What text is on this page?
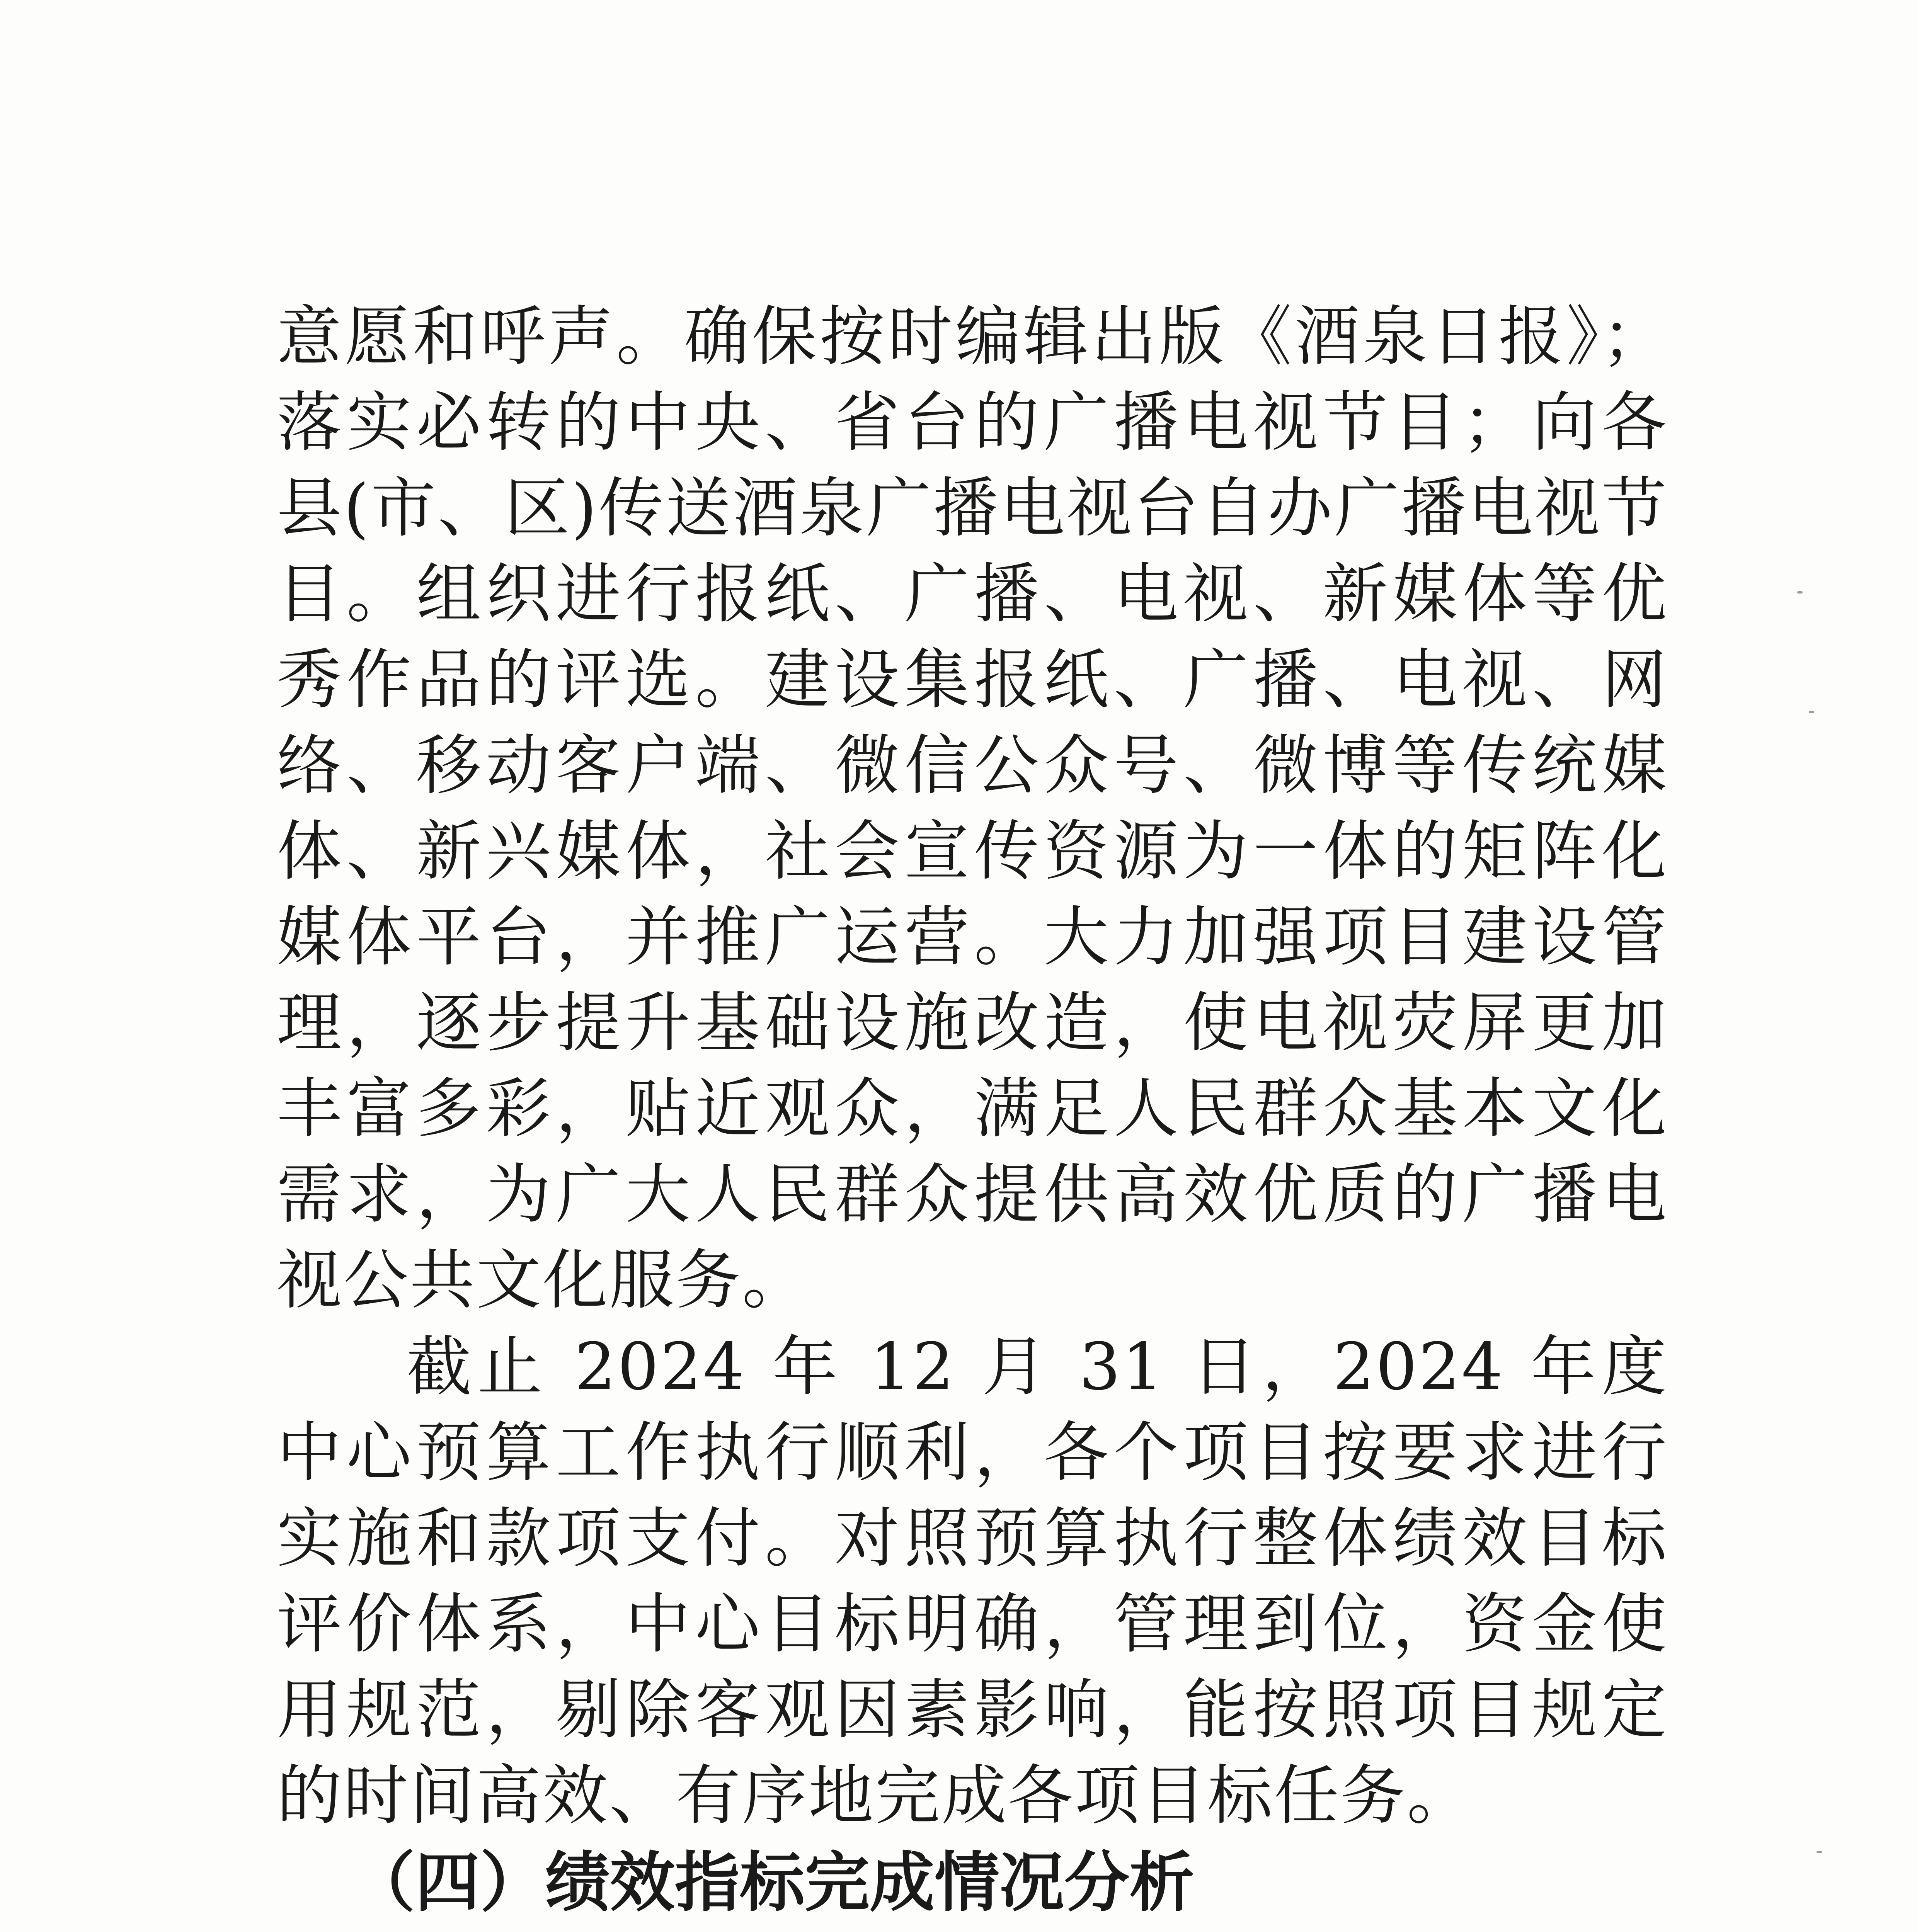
意愿和呼声。确保按时编辑出版《酒泉日报》；落实必转的中央、省台的广播电视节目；向各县(市、区)传送酒泉广播电视台自办广播电视节目。组织进行报纸、广播、电视、新媒体等优秀作品的评选。建设集报纸、广播、电视、网络、移动客户端、微信公众号、微博等传统媒体、新兴媒体，社会宣传资源为一体的矩阵化媒体平台，并推广运营。大力加强项目建设管理，逐步提升基础设施改造，使电视荧屏更加丰富多彩，贴近观众，满足人民群众基本文化需求，为广大人民群众提供高效优质的广播电视公共文化服务。

截止 2024 年 12 月 31 日，2024 年度中心预算工作执行顺利，各个项目按要求进行实施和款项支付。对照预算执行整体绩效目标评价体系，中心目标明确，管理到位，资金使用规范，剔除客观因素影响，能按照项目规定的时间高效、有序地完成各项目标任务。

（四）绩效指标完成情况分析
